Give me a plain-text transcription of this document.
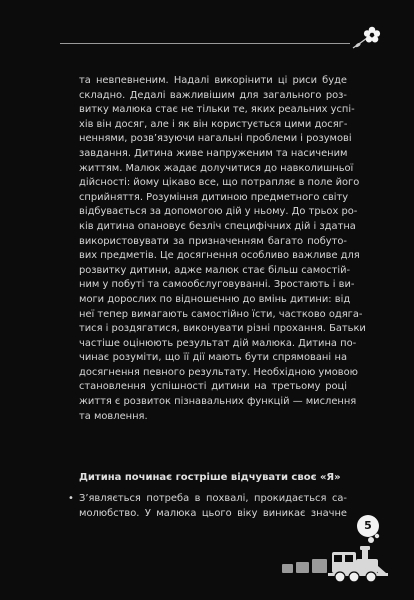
та невпевненим. Надалі викорінити ці риси буде
складно. Дедалі важливішим для загального роз-
витку малюка стає не тільки те, яких реальних успі-
хів він досяг, але і як він користується цими досяг-
неннями, розв’язуючи нагальні проблеми і розумові
завдання. Дитина живе напруженим та насиченим
життям. Малюк жадає долучитися до навколишньої
дійсності: йому цікаво все, що потрапляє в поле його
сприйняття. Розуміння дитиною предметного світу
відбувається за допомогою дій у ньому. До трьох ро-
ків дитина опановує безліч специфічних дій і здатна
використовувати за призначенням багато побуто-
вих предметів. Це досягнення особливо важливе для
розвитку дитини, адже малюк стає більш самостій-
ним у побуті та самообслуговуванні. Зростають і ви-
моги дорослих по відношенню до вмінь дитини: від
неї тепер вимагають самостійно їсти, частково одяга-
тися і роздягатися, виконувати різні прохання. Батьки
частіше оцінюють результат дій малюка. Дитина по-
чинає розуміти, що її дії мають бути спрямовані на
досягнення певного результату. Необхідною умовою
становлення успішності дитини на третьому році
життя є розвиток пізнавальних функцій — мислення
та мовлення.
Дитина починає гостріше відчувати своє «Я»
• З’являється потреба в похвалі, прокидається са-
молюбство. У малюка цього віку виникає значне
5
